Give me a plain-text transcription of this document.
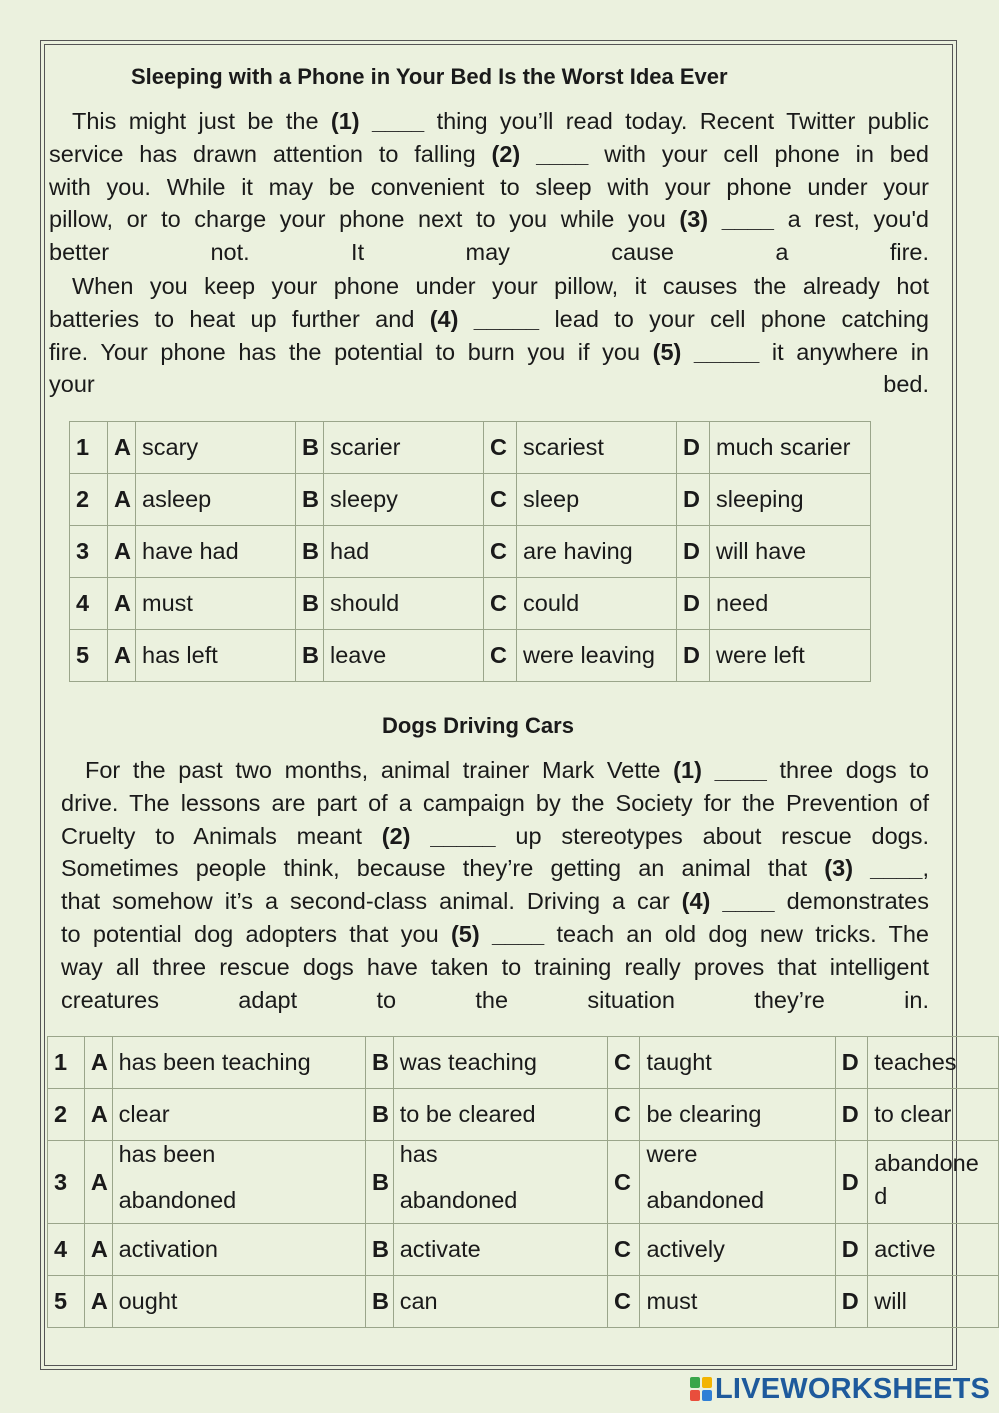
Sleeping with a Phone in Your Bed Is the Worst Idea Ever
This might just be the (1) ____ thing you’ll read today. Recent Twitter public
service has drawn attention to falling (2) ____ with your cell phone in bed
with you. While it may be convenient to sleep with your phone under your
pillow, or to charge your phone next to you while you (3) ____ a rest, you'd
better not. It may cause a fire.
When you keep your phone under your pillow, it causes the already hot
batteries to heat up further and (4) _____ lead to your cell phone catching
fire. Your phone has the potential to burn you if you (5) _____ it anywhere in
your bed.
1	A	scary	B	scarier	C	scariest	D	much scarier
2	A	asleep	B	sleepy	C	sleep	D	sleeping
3	A	have had	B	had	C	are having	D	will have
4	A	must	B	should	C	could	D	need
5	A	has left	B	leave	C	were leaving	D	were left
Dogs Driving Cars
For the past two months, animal trainer Mark Vette (1) ____ three dogs to
drive. The lessons are part of a campaign by the Society for the Prevention of
Cruelty to Animals meant (2) _____ up stereotypes about rescue dogs.
Sometimes people think, because they’re getting an animal that (3) ____,
that somehow it’s a second-class animal. Driving a car (4) ____ demonstrates
to potential dog adopters that you (5) ____ teach an old dog new tricks. The
way all three rescue dogs have taken to training really proves that intelligent
creatures adapt to the situation they’re in.
1	A	has been teaching	B	was teaching	C	taught	D	teaches
2	A	clear	B	to be cleared	C	be clearing	D	to clear
3	A	has been
abandoned	B	has
abandoned	C	were
abandoned	D	abandone
d

4	A	activation	B	activate	C	actively	D	active
5	A	ought	B	can	C	must	D	will
LIVEWORKSHEETS
